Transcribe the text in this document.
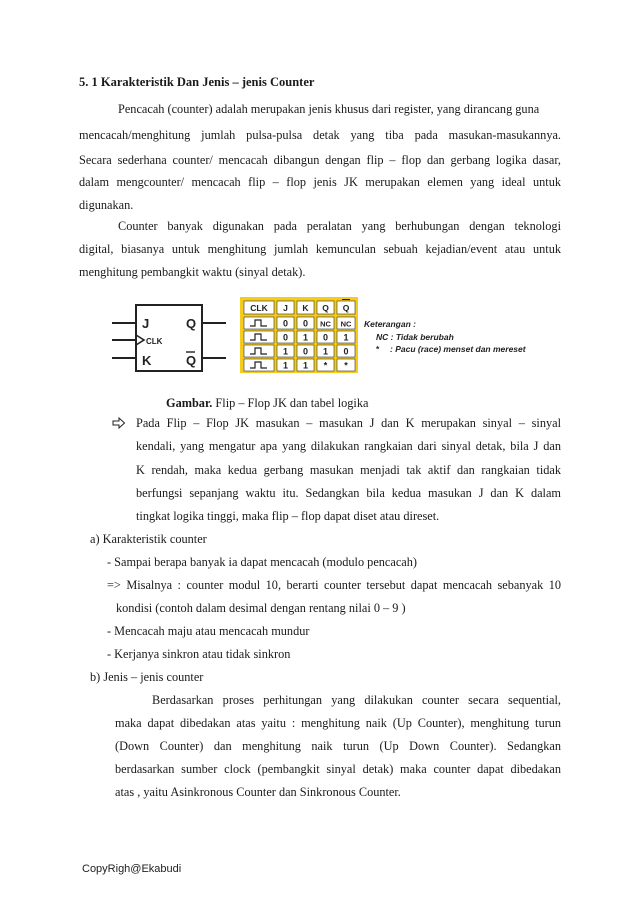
5. 1 Karakteristik Dan Jenis – jenis Counter
Pencacah (counter) adalah merupakan jenis khusus dari register, yang dirancang guna
mencacah/menghitung jumlah pulsa-pulsa detak yang tiba pada masukan-masukannya.
Secara sederhana counter/ mencacah dibangun dengan flip – flop dan gerbang logika dasar,
dalam mengcounter/ mencacah flip – flop jenis JK merupakan elemen yang ideal untuk
digunakan.
Counter banyak digunakan pada peralatan yang berhubungan dengan teknologi
digital, biasanya untuk menghitung jumlah kemunculan sebuah kejadian/event atau untuk
menghitung pembangkit waktu (sinyal detak).
J	Q
CLK
K	Q
CLK J K Q Q
0 0 NC NC
0 1 0 1
1 0 1 0
1 1 * *
Keterangan :
NC : Tidak berubah
* : Pacu (race) menset dan mereset
Gambar. Flip – Flop JK dan tabel logika
Pada Flip – Flop JK masukan – masukan J dan K merupakan sinyal – sinyal
kendali, yang mengatur apa yang dilakukan rangkaian dari sinyal detak, bila J dan
K rendah, maka kedua gerbang masukan menjadi tak aktif dan rangkaian tidak
berfungsi sepanjang waktu itu. Sedangkan bila kedua masukan J dan K dalam
tingkat logika tinggi, maka flip – flop dapat diset atau direset.
a) Karakteristik counter
- Sampai berapa banyak ia dapat mencacah (modulo pencacah)
=> Misalnya : counter modul 10, berarti counter tersebut dapat mencacah sebanyak 10
kondisi (contoh dalam desimal dengan rentang nilai 0 – 9 )
- Mencacah maju atau mencacah mundur
- Kerjanya sinkron atau tidak sinkron
b) Jenis – jenis counter
Berdasarkan proses perhitungan yang dilakukan counter secara sequential,
maka dapat dibedakan atas yaitu : menghitung naik (Up Counter), menghitung turun
(Down Counter) dan menghitung naik turun (Up Down Counter). Sedangkan
berdasarkan sumber clock (pembangkit sinyal detak) maka counter dapat dibedakan
atas , yaitu Asinkronous Counter dan Sinkronous Counter.
CopyRigh@Ekabudi
